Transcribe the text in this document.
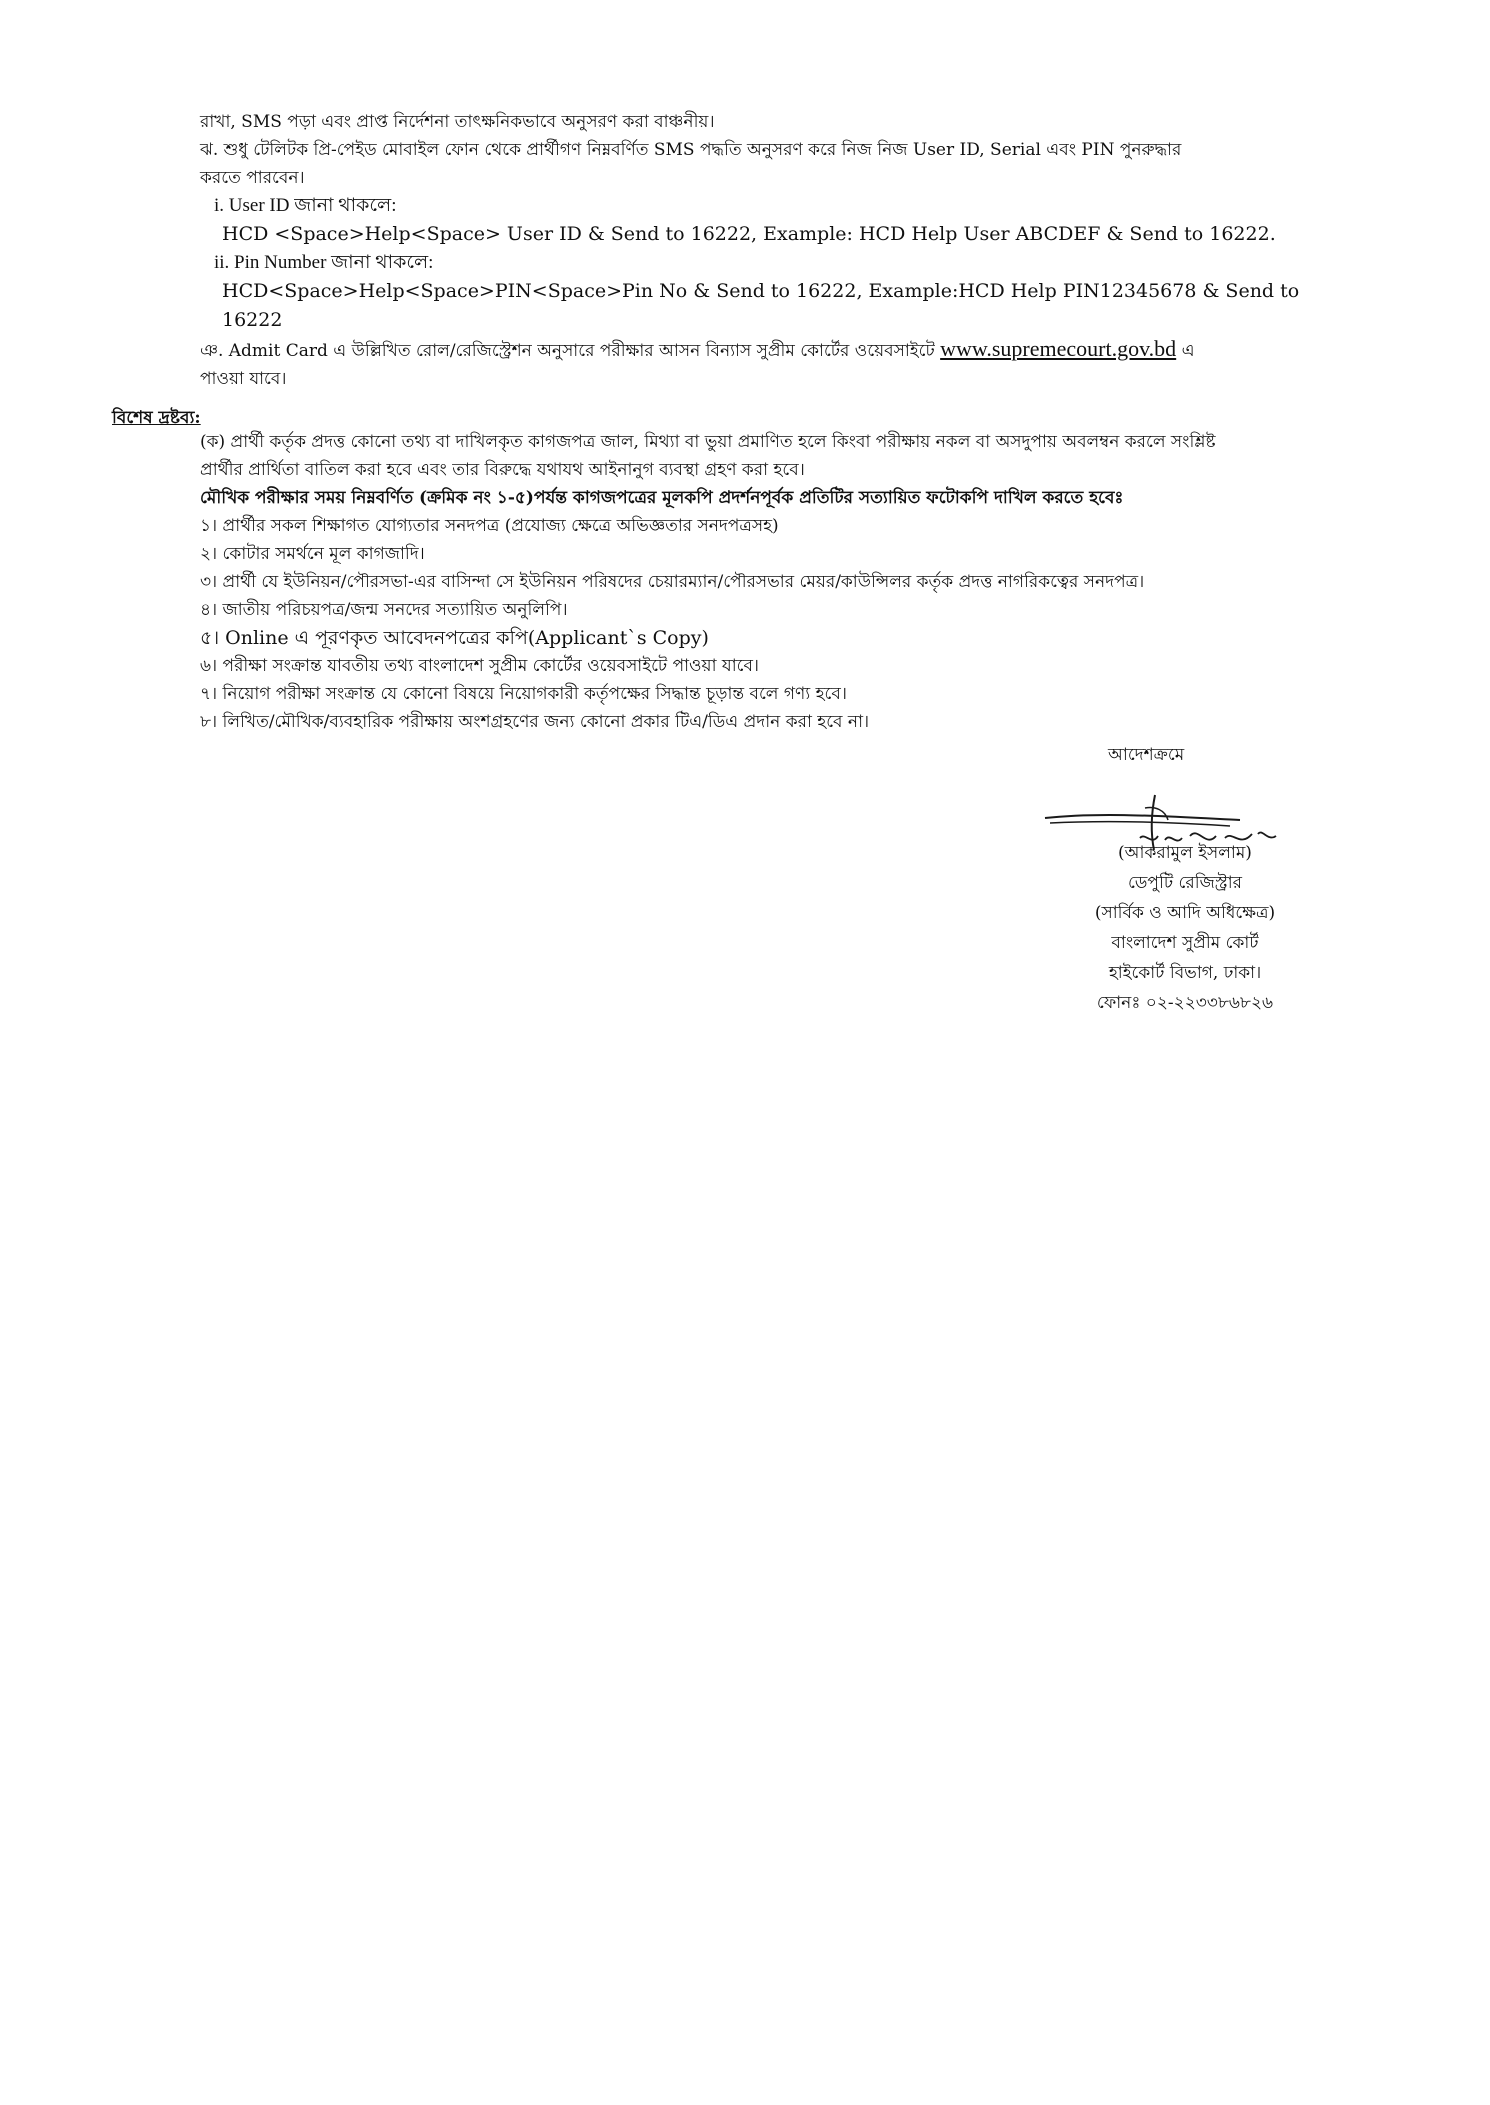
রাখা, SMS পড়া এবং প্রাপ্ত নির্দেশনা তাৎক্ষনিকভাবে অনুসরণ করা বাঞ্চনীয়।
ঝ. শুধু টেলিটক প্রি-পেইড মোবাইল ফোন থেকে প্রার্থীগণ নিম্নবর্ণিত SMS পদ্ধতি অনুসরণ করে নিজ নিজ User ID, Serial এবং PIN পুনরুদ্ধার
করতে পারবেন।
i. User ID জানা থাকলে:
HCD <Space>Help<Space> User ID & Send to 16222, Example: HCD Help User ABCDEF & Send to 16222.
ii. Pin Number জানা থাকলে:
HCD<Space>Help<Space>PIN<Space>Pin No & Send to 16222, Example:HCD Help PIN12345678 & Send to
16222
ঞ. Admit Card এ উল্লিখিত রোল/রেজিস্ট্রেশন অনুসারে পরীক্ষার আসন বিন্যাস সুপ্রীম কোর্টের ওয়েবসাইটে www.supremecourt.gov.bd এ
পাওয়া যাবে।
বিশেষ দ্রষ্টব্য:
(ক) প্রার্থী কর্তৃক প্রদত্ত কোনো তথ্য বা দাখিলকৃত কাগজপত্র জাল, মিথ্যা বা ভুয়া প্রমাণিত হলে কিংবা পরীক্ষায় নকল বা অসদুপায় অবলম্বন করলে সংশ্লিষ্ট
প্রার্থীর প্রার্থিতা বাতিল করা হবে এবং তার বিরুদ্ধে যথাযথ আইনানুগ ব্যবস্থা গ্রহণ করা হবে।
মৌখিক পরীক্ষার সময় নিম্নবর্ণিত (ক্রমিক নং ১-৫)পর্যন্ত কাগজপত্রের মূলকপি প্রদর্শনপূর্বক প্রতিটির সত্যায়িত ফটোকপি দাখিল করতে হবেঃ
১। প্রার্থীর সকল শিক্ষাগত যোগ্যতার সনদপত্র (প্রযোজ্য ক্ষেত্রে অভিজ্ঞতার সনদপত্রসহ)
২। কোটার সমর্থনে মূল কাগজাদি।
৩। প্রার্থী যে ইউনিয়ন/পৌরসভা-এর বাসিন্দা সে ইউনিয়ন পরিষদের চেয়ারম্যান/পৌরসভার মেয়র/কাউন্সিলর কর্তৃক প্রদত্ত নাগরিকত্বের সনদপত্র।
৪। জাতীয় পরিচয়পত্র/জন্ম সনদের সত্যায়িত অনুলিপি।
৫। Online এ পূরণকৃত আবেদনপত্রের কপি(Applicant`s Copy)
৬। পরীক্ষা সংক্রান্ত যাবতীয় তথ্য বাংলাদেশ সুপ্রীম কোর্টের ওয়েবসাইটে পাওয়া যাবে।
৭। নিয়োগ পরীক্ষা সংক্রান্ত যে কোনো বিষয়ে নিয়োগকারী কর্তৃপক্ষের সিদ্ধান্ত চূড়ান্ত বলে গণ্য হবে।
৮। লিখিত/মৌখিক/ব্যবহারিক পরীক্ষায় অংশগ্রহণের জন্য কোনো প্রকার টিএ/ডিএ প্রদান করা হবে না।
আদেশক্রমে
(আকরামুল ইসলাম)
ডেপুটি রেজিস্ট্রার
(সার্বিক ও আদি অধিক্ষেত্র)
বাংলাদেশ সুপ্রীম কোর্ট
হাইকোর্ট বিভাগ, ঢাকা।
ফোনঃ ০২-২২৩৩৮৬৮২৬
